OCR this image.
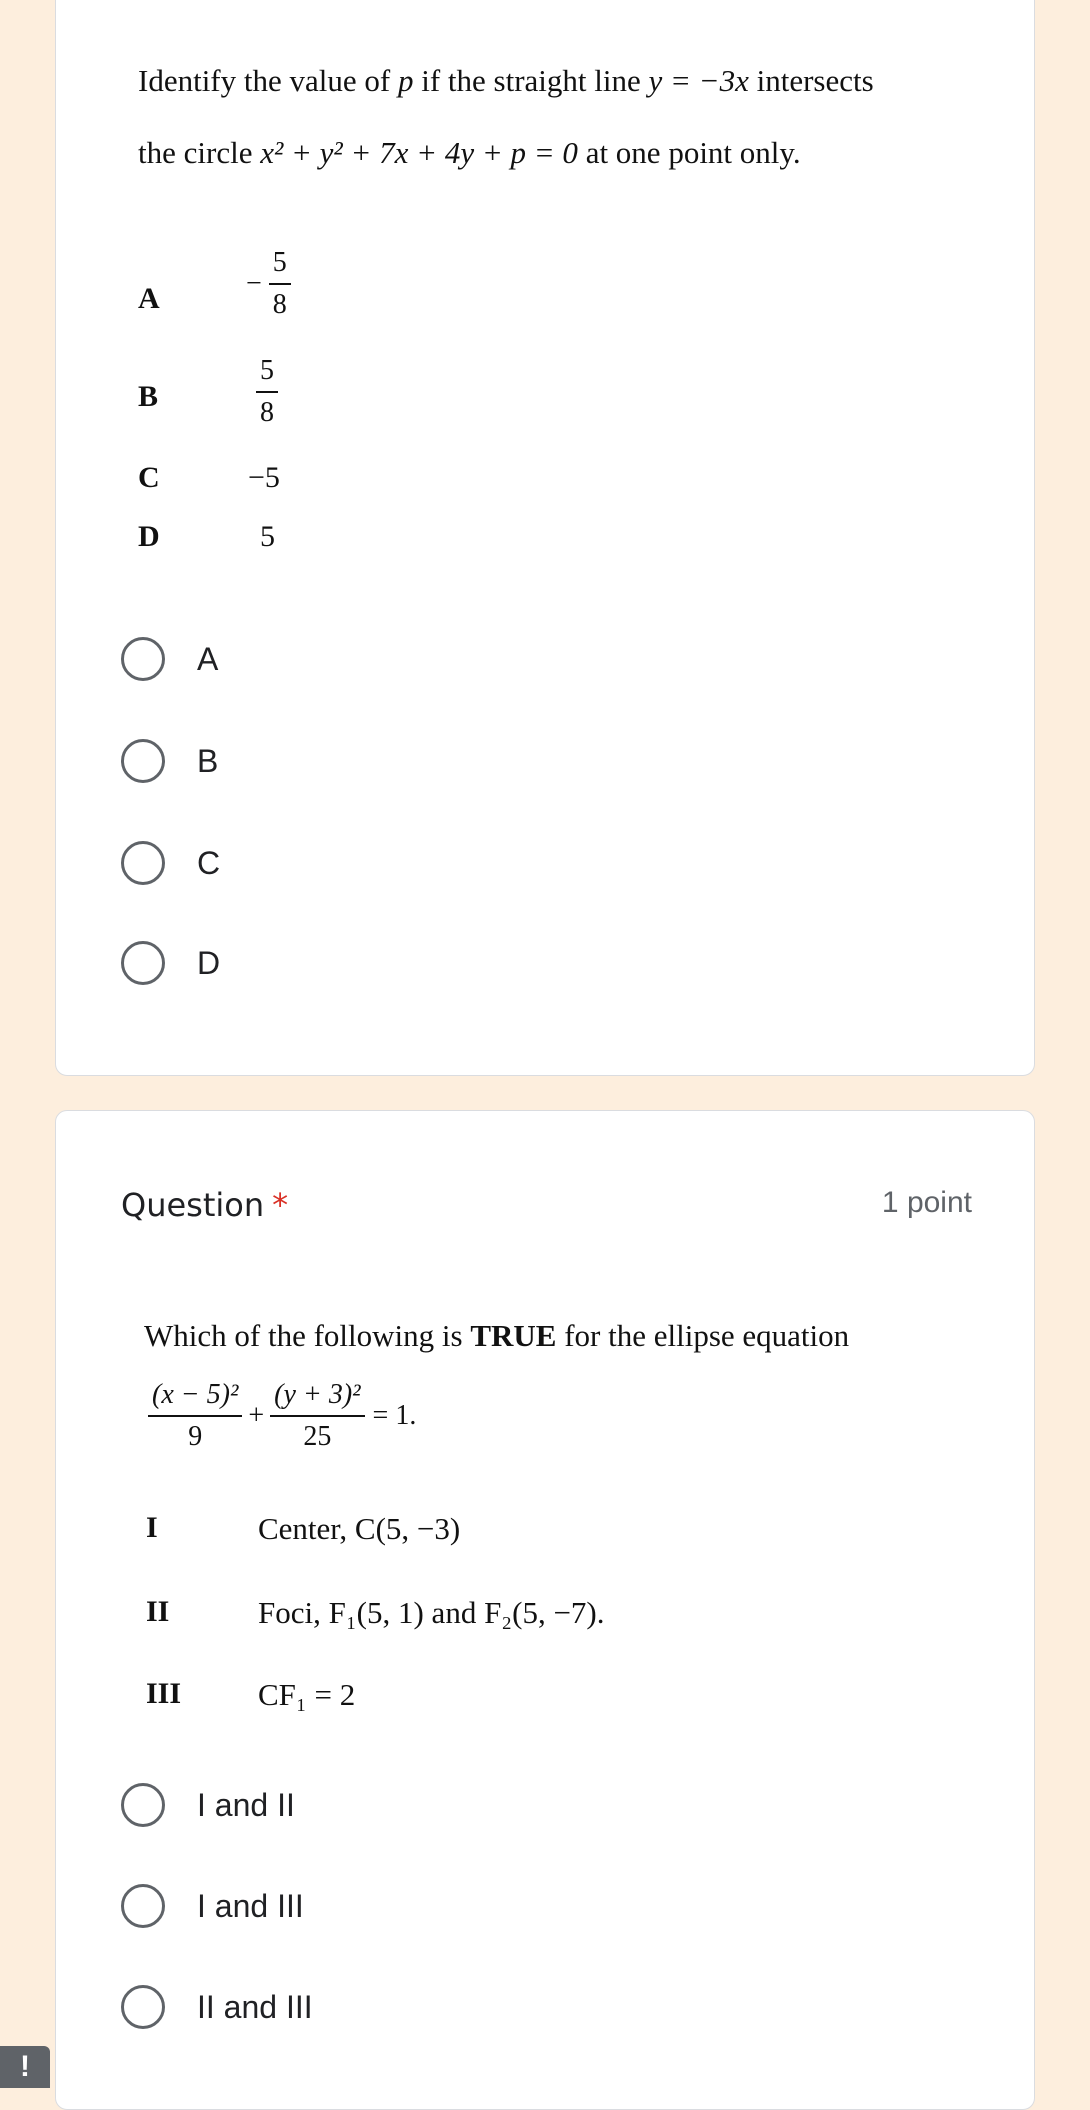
Identify the value of p if the straight line y = −3x intersects
the circle x² + y² + 7x + 4y + p = 0 at one point only.
A	− $\frac{5}{8}$
B	$\frac{5}{8}$
C	−5
D	5
A
B
C
D
Question *	1 point
Which of the following is TRUE for the ellipse equation
$\frac{\text{(x − 5)²}}{9} + \frac{\text{(y + 3)²}}{25} = 1$.
I	Center, C(5, −3)
II	Foci, F₁(5, 1) and F₂(5, −7).
III CF₁ = 2
I and II
I and III
II and III
!
